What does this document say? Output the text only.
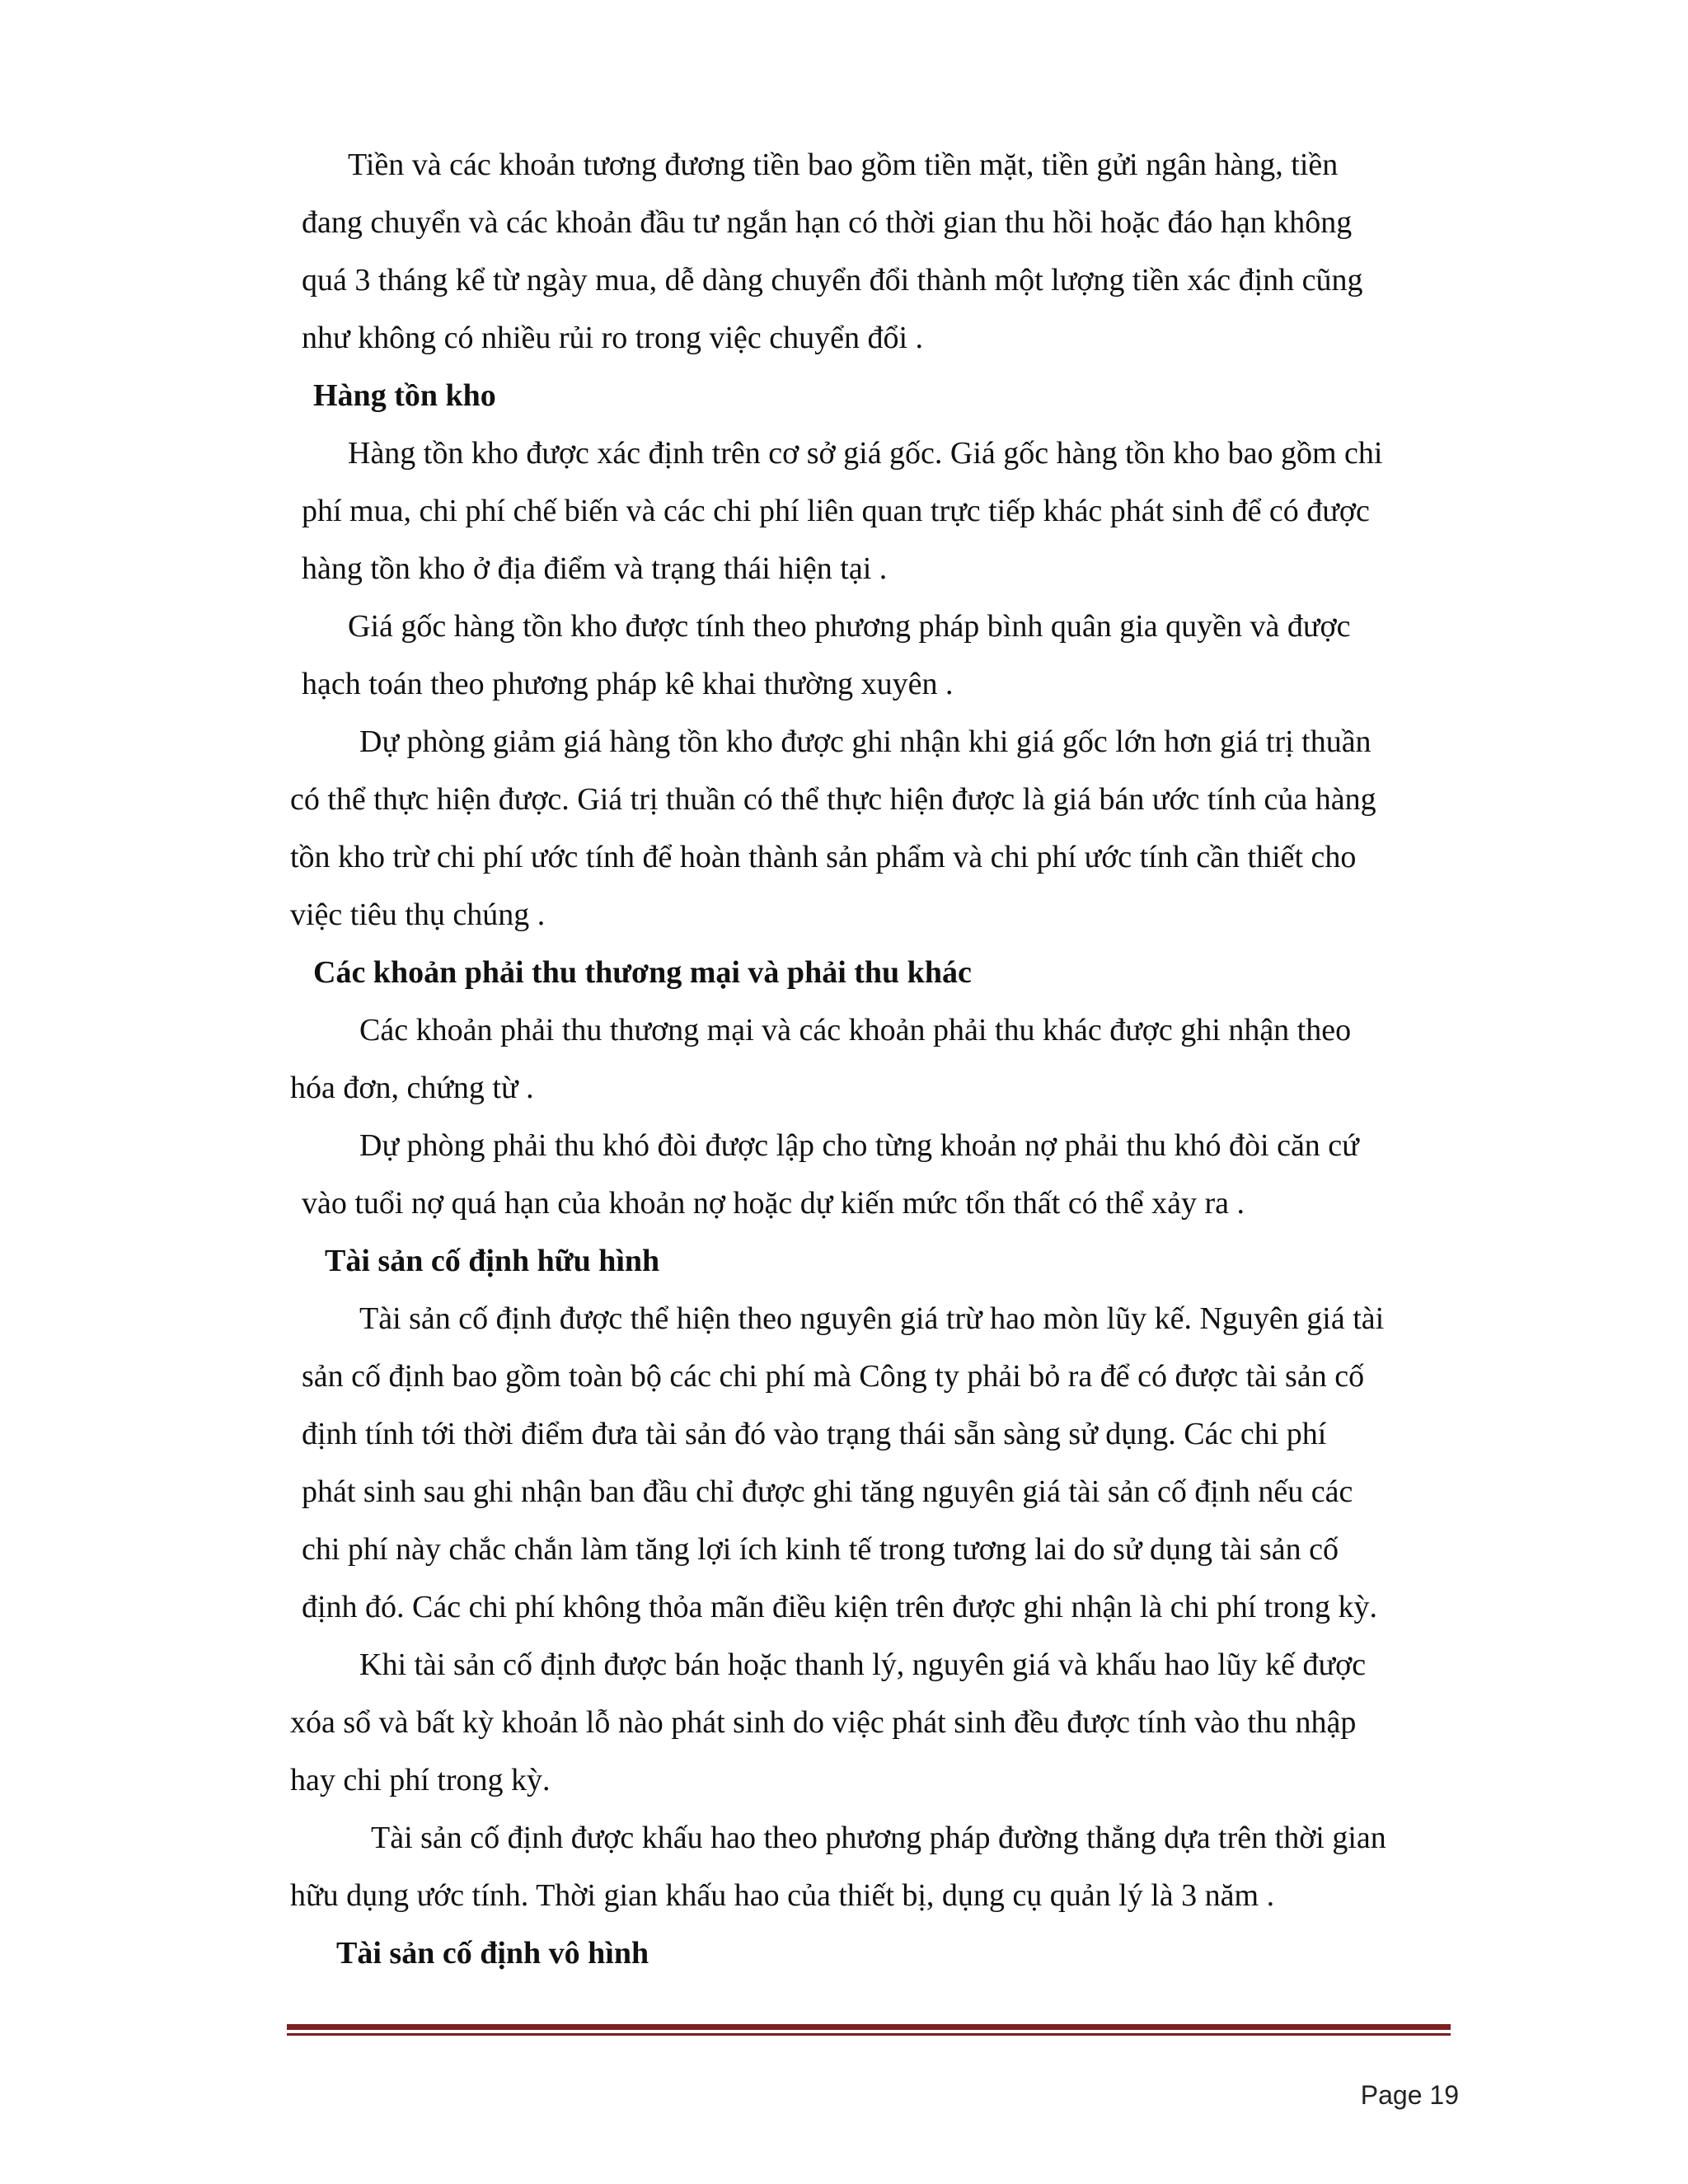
Tiền và các khoản tương đương tiền bao gồm tiền mặt, tiền gửi ngân hàng, tiền

đang chuyển và các khoản đầu tư ngắn hạn có thời gian thu hồi hoặc đáo hạn không

quá 3 tháng kể từ ngày mua, dễ dàng chuyển đổi thành một lượng tiền xác định cũng

như không có nhiều rủi ro trong việc chuyển đổi .

Hàng tồn kho

Hàng tồn kho được xác định trên cơ sở giá gốc. Giá gốc hàng tồn kho bao gồm chi

phí mua, chi phí chế biến và các chi phí liên quan trực tiếp khác phát sinh để có được

hàng tồn kho ở địa điểm và trạng thái hiện tại .

Giá gốc hàng tồn kho được tính theo phương pháp bình quân gia quyền và được

hạch toán theo phương pháp kê khai thường xuyên .

Dự phòng giảm giá hàng tồn kho được ghi nhận khi giá gốc lớn hơn giá trị thuần

có thể thực hiện được. Giá trị thuần có thể thực hiện được là giá bán ước tính của hàng

tồn kho trừ chi phí ước tính để hoàn thành sản phẩm và chi phí ước tính cần thiết cho

việc tiêu thụ chúng .

Các khoản phải thu thương mại và phải thu khác

Các khoản phải thu thương mại và các khoản phải thu khác được ghi nhận theo

hóa đơn, chứng từ .

Dự phòng phải thu khó đòi được lập cho từng khoản nợ phải thu khó đòi căn cứ

vào tuổi nợ quá hạn của khoản nợ hoặc dự kiến mức tổn thất có thể xảy ra .

Tài sản cố định hữu hình

Tài sản cố định được thể hiện theo nguyên giá trừ hao mòn lũy kế. Nguyên giá tài

sản cố định bao gồm toàn bộ các chi phí mà Công ty phải bỏ ra để có được tài sản cố

định tính tới thời điểm đưa tài sản đó vào trạng thái sẵn sàng sử dụng. Các chi phí

phát sinh sau ghi nhận ban đầu chỉ được ghi tăng nguyên giá tài sản cố định nếu các

chi phí này chắc chắn làm tăng lợi ích kinh tế trong tương lai do sử dụng tài sản cố

định đó. Các chi phí không thỏa mãn điều kiện trên được ghi nhận là chi phí trong kỳ.

Khi tài sản cố định được bán hoặc thanh lý, nguyên giá và khấu hao lũy kế được

xóa sổ và bất kỳ khoản lỗ nào phát sinh do việc phát sinh đều được tính vào thu nhập

hay chi phí trong kỳ.

Tài sản cố định được khấu hao theo phương pháp đường thẳng dựa trên thời gian

hữu dụng ước tính. Thời gian khấu hao của thiết bị, dụng cụ quản lý là 3 năm .

Tài sản cố định vô hình

Page 19
